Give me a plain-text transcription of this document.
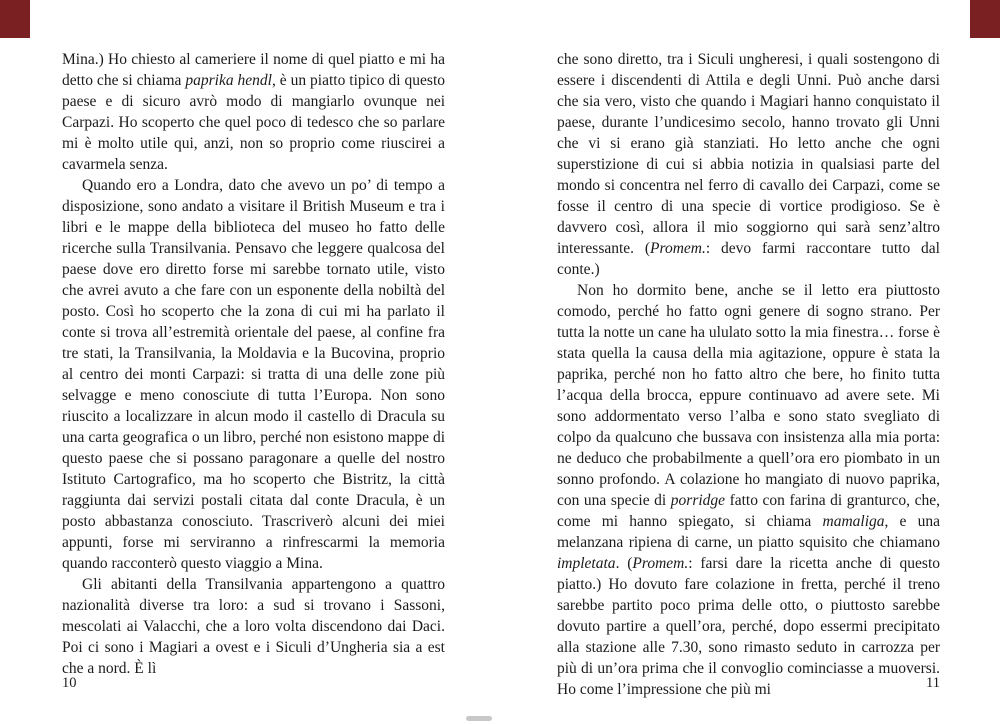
Mina.) Ho chiesto al cameriere il nome di quel piatto e mi ha detto che si chiama paprika hendl, è un piatto tipico di questo paese e di sicuro avrò modo di mangiarlo ovunque nei Carpazi. Ho scoperto che quel poco di tedesco che so parlare mi è molto utile qui, anzi, non so proprio come riuscirei a cavarmela senza.

Quando ero a Londra, dato che avevo un po’ di tempo a disposizione, sono andato a visitare il British Museum e tra i libri e le mappe della biblioteca del museo ho fatto delle ricerche sulla Transilvania. Pensavo che leggere qualcosa del paese dove ero diretto forse mi sarebbe tornato utile, visto che avrei avuto a che fare con un esponente della nobiltà del posto. Così ho scoperto che la zona di cui mi ha parlato il conte si trova all’estremità orientale del paese, al confine fra tre stati, la Transilvania, la Moldavia e la Bucovina, proprio al centro dei monti Carpazi: si tratta di una delle zone più selvagge e meno conosciute di tutta l’Europa. Non sono riuscito a localizzare in alcun modo il castello di Dracula su una carta geografica o un libro, perché non esistono mappe di questo paese che si possano paragonare a quelle del nostro Istituto Cartografico, ma ho scoperto che Bistritz, la città raggiunta dai servizi postali citata dal conte Dracula, è un posto abbastanza conosciuto. Trascriverò alcuni dei miei appunti, forse mi serviranno a rinfrescarmi la memoria quando racconterò questo viaggio a Mina.

Gli abitanti della Transilvania appartengono a quattro nazionalità diverse tra loro: a sud si trovano i Sassoni, mescolati ai Valacchi, che a loro volta discendono dai Daci. Poi ci sono i Magiari a ovest e i Siculi d’Ungheria sia a est che a nord. È lì

che sono diretto, tra i Siculi ungheresi, i quali sostengono di essere i discendenti di Attila e degli Unni. Può anche darsi che sia vero, visto che quando i Magiari hanno conquistato il paese, durante l’undicesimo secolo, hanno trovato gli Unni che vi si erano già stanziati. Ho letto anche che ogni superstizione di cui si abbia notizia in qualsiasi parte del mondo si concentra nel ferro di cavallo dei Carpazi, come se fosse il centro di una specie di vortice prodigioso. Se è davvero così, allora il mio soggiorno qui sarà senz’altro interessante. (Promem.: devo farmi raccontare tutto dal conte.)

Non ho dormito bene, anche se il letto era piuttosto comodo, perché ho fatto ogni genere di sogno strano. Per tutta la notte un cane ha ululato sotto la mia finestra… forse è stata quella la causa della mia agitazione, oppure è stata la paprika, perché non ho fatto altro che bere, ho finito tutta l’acqua della brocca, eppure continuavo ad avere sete. Mi sono addormentato verso l’alba e sono stato svegliato di colpo da qualcuno che bussava con insistenza alla mia porta: ne deduco che probabilmente a quell’ora ero piombato in un sonno profondo. A colazione ho mangiato di nuovo paprika, con una specie di porridge fatto con farina di granturco, che, come mi hanno spiegato, si chiama mamaliga, e una melanzana ripiena di carne, un piatto squisito che chiamano impletata. (Promem.: farsi dare la ricetta anche di questo piatto.) Ho dovuto fare colazione in fretta, perché il treno sarebbe partito poco prima delle otto, o piuttosto sarebbe dovuto partire a quell’ora, perché, dopo essermi precipitato alla stazione alle 7.30, sono rimasto seduto in carrozza per più di un’ora prima che il convoglio cominciasse a muoversi. Ho come l’impressione che più mi

10	11
